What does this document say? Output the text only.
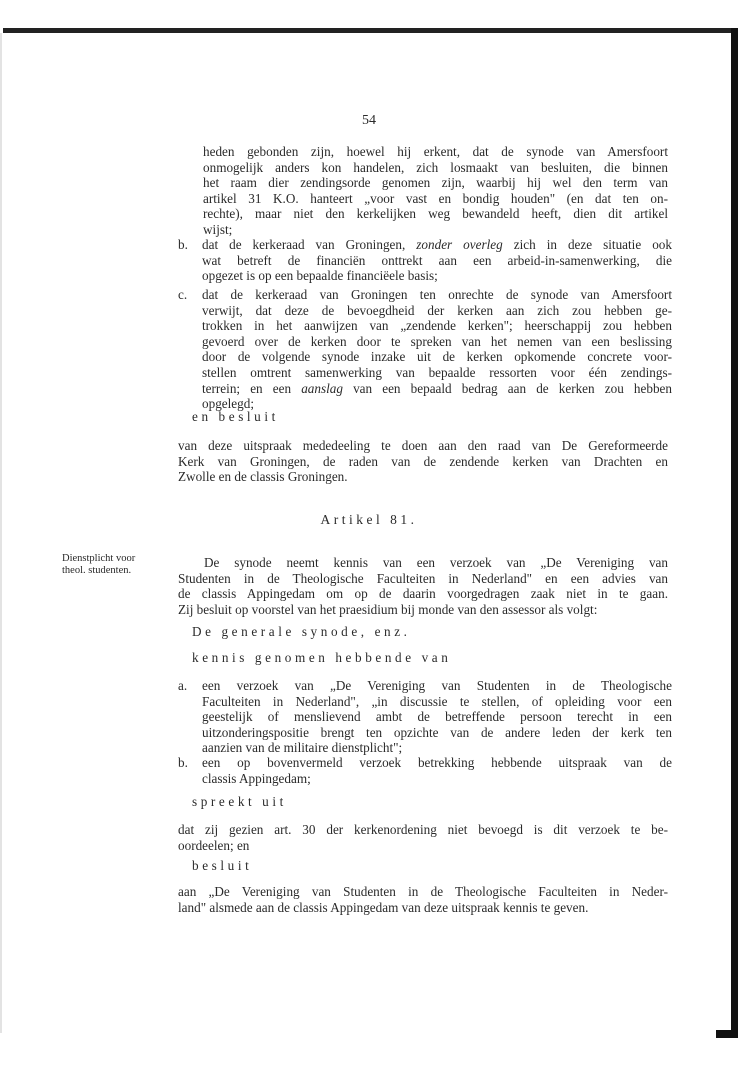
54
heden gebonden zijn, hoewel hij erkent, dat de synode van Amersfoort
onmogelijk anders kon handelen, zich losmaakt van besluiten, die binnen
het raam dier zendingsorde genomen zijn, waarbij hij wel den term van
artikel 31 K.O. hanteert „voor vast en bondig houden" (en dat ten on-
rechte), maar niet den kerkelijken weg bewandeld heeft, dien dit artikel
wijst;
b. dat de kerkeraad van Groningen, zonder overleg zich in deze situatie ook
wat betreft de financiën onttrekt aan een arbeid-in-samenwerking, die
opgezet is op een bepaalde financiëele basis;
c. dat de kerkeraad van Groningen ten onrechte de synode van Amersfoort
verwijt, dat deze de bevoegdheid der kerken aan zich zou hebben ge-
trokken in het aanwijzen van „zendende kerken"; heerschappij zou hebben
gevoerd over de kerken door te spreken van het nemen van een beslissing
door de volgende synode inzake uit de kerken opkomende concrete voor-
stellen omtrent samenwerking van bepaalde ressorten voor één zendings-
terrein; en een aanslag van een bepaald bedrag aan de kerken zou hebben
opgelegd;
en besluit
van deze uitspraak mededeeling te doen aan den raad van De Gereformeerde
Kerk van Groningen, de raden van de zendende kerken van Drachten en
Zwolle en de classis Groningen.
Artikel 81.
Dienstplicht voor
theol. studenten.
De synode neemt kennis van een verzoek van „De Vereniging van
Studenten in de Theologische Faculteiten in Nederland" en een advies van
de classis Appingedam om op de daarin voorgedragen zaak niet in te gaan.
Zij besluit op voorstel van het praesidium bij monde van den assessor als volgt:
De generale synode, enz.
kennis genomen hebbende van
a. een verzoek van „De Vereniging van Studenten in de Theologische
Faculteiten in Nederland", „in discussie te stellen, of opleiding voor een
geestelijk of menslievend ambt de betreffende persoon terecht in een
uitzonderingspositie brengt ten opzichte van de andere leden der kerk ten
aanzien van de militaire dienstplicht";
b. een op bovenvermeld verzoek betrekking hebbende uitspraak van de
classis Appingedam;
spreekt uit
dat zij gezien art. 30 der kerkenordening niet bevoegd is dit verzoek te be-
oordeelen; en
besluit
aan „De Vereniging van Studenten in de Theologische Faculteiten in Neder-
land" alsmede aan de classis Appingedam van deze uitspraak kennis te geven.
